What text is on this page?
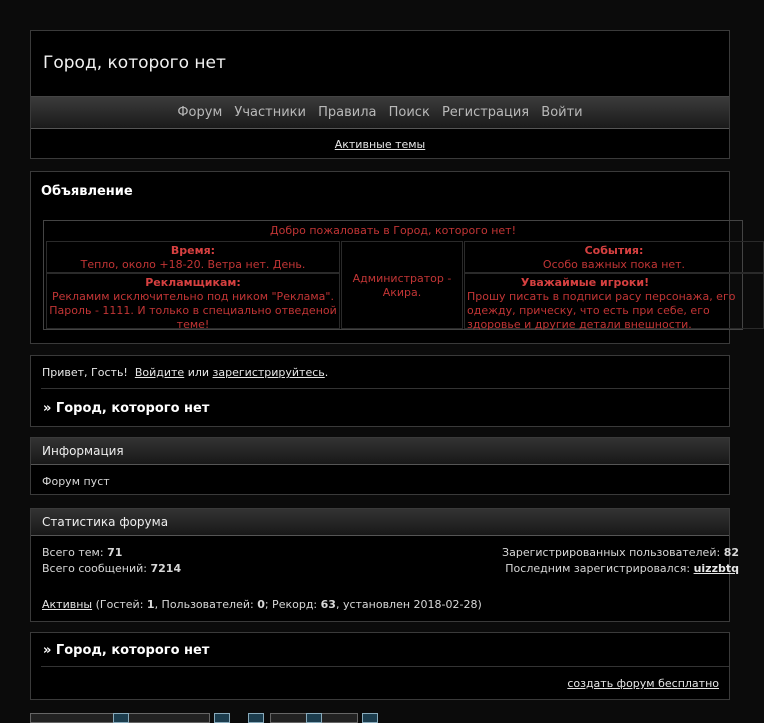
Город, которого нет
Форум Участники Правила Поиск Регистрация Войти
Активные темы
Объявление
Добро пожаловать в Город, которого нет!
Время:
Тепло, около +18-20. Ветра нет. День.
Рекламщикам:
Рекламим исключительно под ником "Реклама". Пароль - 1111. И только в специально отведеной теме!
Администратор - Акира.
События:
Особо важных пока нет.
Уважаймые игроки!
Прошу писать в подписи расу персонажа, его одежду, прическу, что есть при себе, его здоровье и другие детали внешности.
Привет, Гость! Войдите или зарегистрируйтесь.
» Город, которого нет
Информация
Форум пуст
Статистика форума
Всего тем: 71
Всего сообщений: 7214
Зарегистрированных пользователей: 82
Последним зарегистрировался: uizzbtq
Активны (Гостей: 1, Пользователей: 0; Рекорд: 63, установлен 2018-02-28)
» Город, которого нет
создать форум бесплатно
